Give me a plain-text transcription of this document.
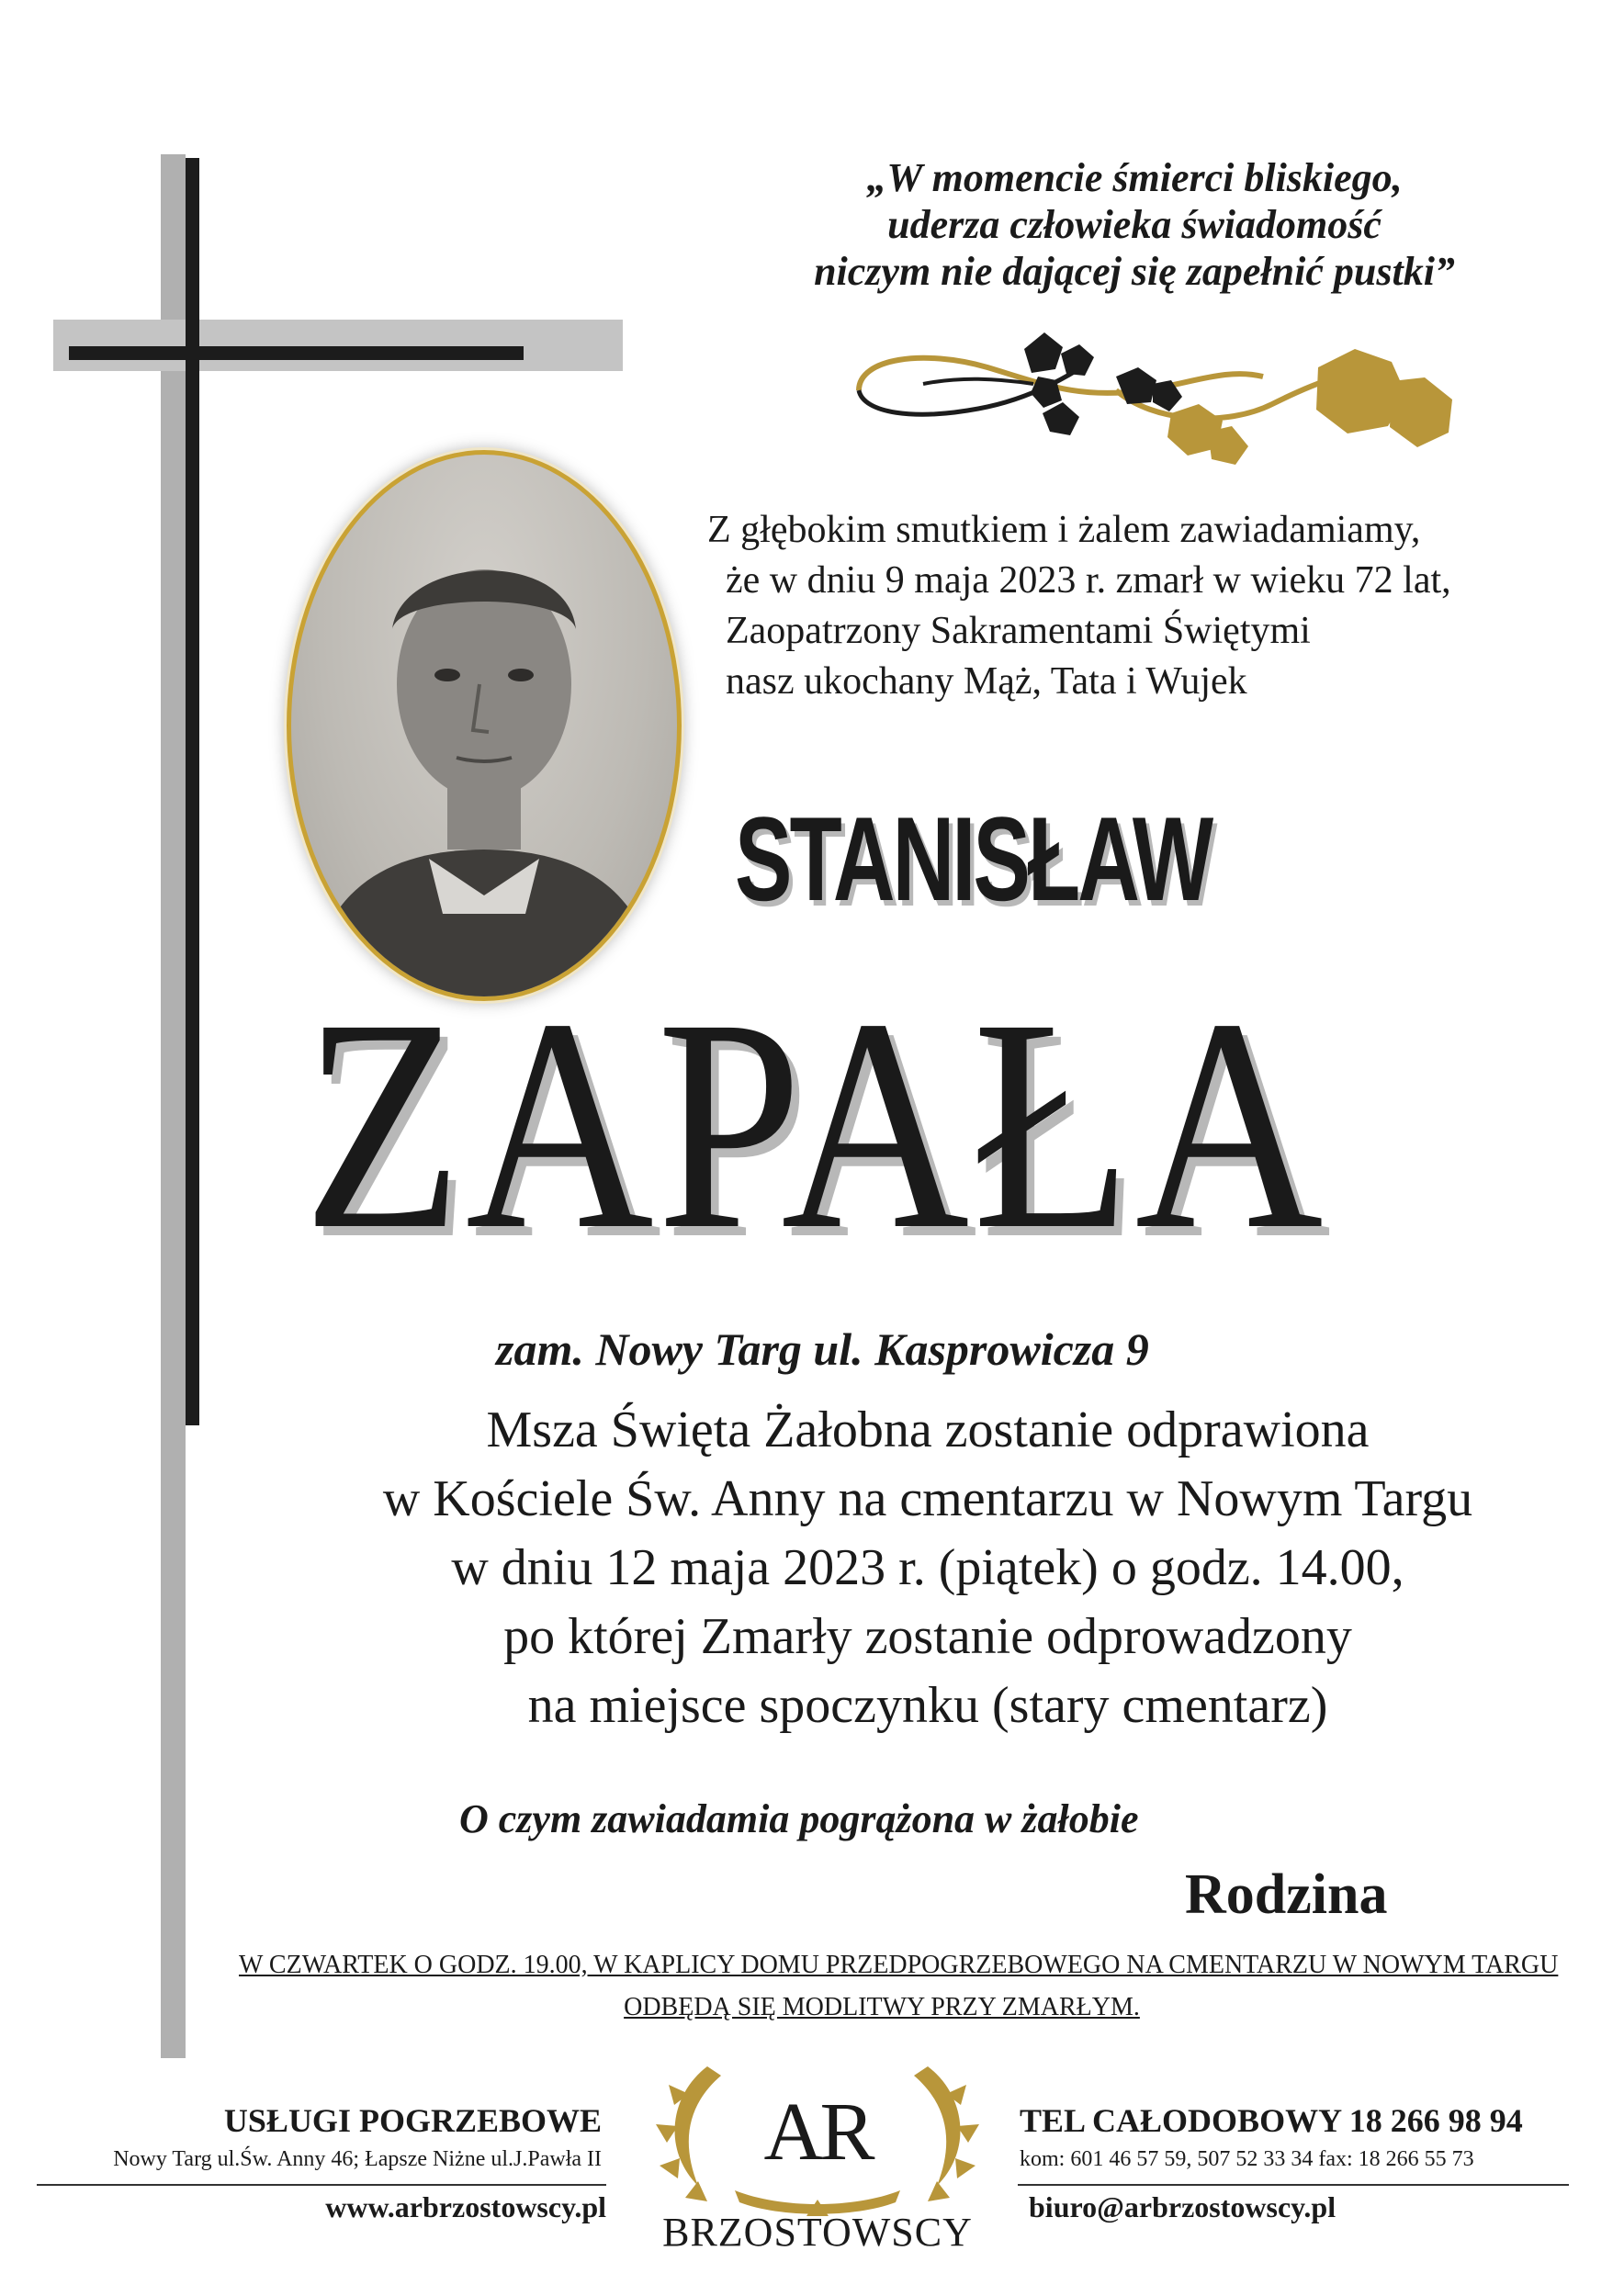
„W momencie śmierci bliskiego,
uderza człowieka świadomość
niczym nie dającej się zapełnić pustki”
Z głębokim smutkiem i żalem zawiadamiamy,
że w dniu 9 maja 2023 r. zmarł w wieku 72 lat,
Zaopatrzony Sakramentami Świętymi
nasz ukochany Mąż, Tata i Wujek
STANISŁAW
ZAPAŁA
zam. Nowy Targ ul. Kasprowicza 9
Msza Święta Żałobna zostanie odprawiona
w Kościele Św. Anny na cmentarzu w Nowym Targu
w dniu 12 maja 2023 r. (piątek) o godz. 14.00,
po której Zmarły zostanie odprowadzony
na miejsce spoczynku (stary cmentarz)
O czym zawiadamia pogrążona w żałobie
Rodzina
W CZWARTEK O GODZ. 19.00, W KAPLICY DOMU PRZEDPOGRZEBOWEGO NA CMENTARZU W NOWYM TARGU
ODBĘDĄ SIĘ MODLITWY PRZY ZMARŁYM.
USŁUGI POGRZEBOWE
Nowy Targ ul.Św. Anny 46; Łapsze Niżne ul.J.Pawła II
www.arbrzostowscy.pl
AR
BRZOSTOWSCY
TEL CAŁODOBOWY 18 266 98 94
kom: 601 46 57 59, 507 52 33 34 fax: 18 266 55 73
biuro@arbrzostowscy.pl
